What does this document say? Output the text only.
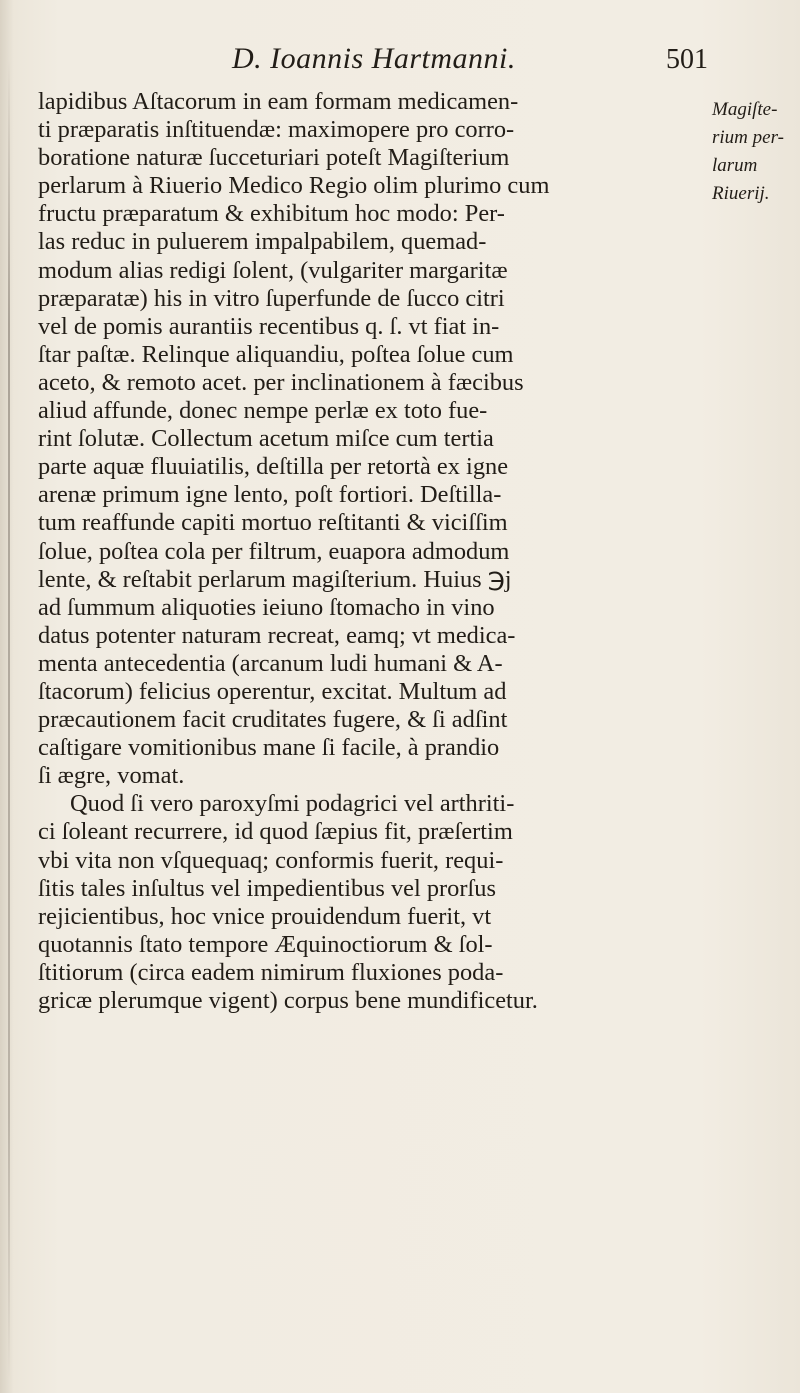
D. Ioannis Hartmanni.	501
lapidibus Aſtacorum in eam formam medicamen-
ti præparatis inſtituendæ: maximopere pro corro-
boratione naturæ ſucceturiari poteſt Magiſterium
perlarum à Riuerio Medico Regio olim plurimo cum
fructu præparatum & exhibitum hoc modo: Per-
las reduc in puluerem impalpabilem, quemad-
modum alias redigi ſolent, (vulgariter margaritæ
præparatæ) his in vitro ſuperfunde de ſucco citri
vel de pomis aurantiis recentibus q. ſ. vt fiat in-
ſtar paſtæ. Relinque aliquandiu, poſtea ſolue cum
aceto, & remoto acet. per inclinationem à fæcibus
aliud affunde, donec nempe perlæ ex toto fue-
rint ſolutæ. Collectum acetum miſce cum tertia
parte aquæ fluuiatilis, deſtilla per retortà ex igne
arenæ primum igne lento, poſt fortiori. Deſtilla-
tum reaffunde capiti mortuo reſtitanti & viciſſim
ſolue, poſtea cola per filtrum, euapora admodum
lente, & reſtabit perlarum magiſterium. Huius ℈j
ad ſummum aliquoties ieiuno ſtomacho in vino
datus potenter naturam recreat, eamq; vt medica-
menta antecedentia (arcanum ludi humani & A-
ſtacorum) felicius operentur, excitat. Multum ad
præcautionem facit cruditates fugere, & ſi adſint
caſtigare vomitionibus mane ſi facile, à prandio
ſi ægre, vomat.
Quod ſi vero paroxyſmi podagrici vel arthriti-
ci ſoleant recurrere, id quod ſæpius fit, præſertim
vbi vita non vſquequaq; conformis fuerit, requi-
ſitis tales inſultus vel impedientibus vel prorſus
rejicientibus, hoc vnice prouidendum fuerit, vt
quotannis ſtato tempore Æquinoctiorum & ſol-
ſtitiorum (circa eadem nimirum fluxiones poda-
gricæ plerumque vigent) corpus bene mundificetur.
Magiſte-
rium per-
larum
Riuerij.
